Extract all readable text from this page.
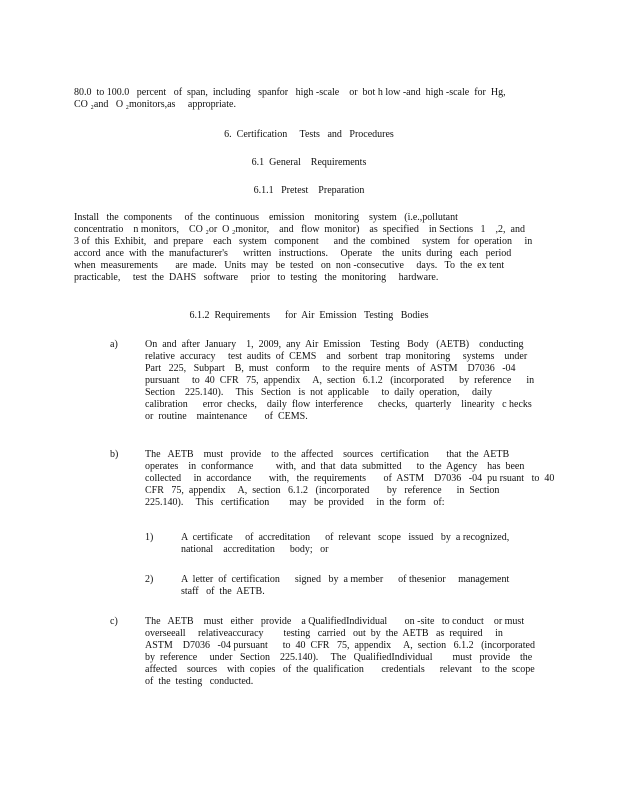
80.0  to 100.0   percent   of  span,  including   spanfor   high -scale    or  bot h low -and  high -scale  for  Hg,
CO ₂and   O ₂monitors,as     appropriate.
6.  Certification     Tests   and   Procedures
6.1  General    Requirements
6.1.1   Pretest    Preparation
Install   the  components     of  the  continuous    emission    monitoring    system   (i.e.,pollutant
concentratio    n monitors,    CO ₂or  O ₂monitor,    and   flow  monitor)    as  specified    in Sections   1    ,2,  and
3 of  this  Exhibit,   and  prepare    each   system   component      and  the  combined     system   for  operation     in
accord  ance  with  the  manufacturer's      written   instructions.     Operate    the   units  during   each   period
when  measurements       are  made.   Units  may   be  tested   on  non -consecutive     days.   To  the  ex tent
practicable,     test  the  DAHS   software     prior   to  testing   the  monitoring     hardware.
6.1.2  Requirements      for  Air  Emission   Testing   Bodies
a)	On  and  after  January    1,  2009,  any  Air  Emission    Testing   Body   (AETB)    conducting
relative  accuracy     test  audits  of  CEMS    and   sorbent   trap  monitoring     systems    under
Part   225,   Subpart    B,  must   conform     to  the  require  ments   of  ASTM    D7036   -04
pursuant     to  40  CFR   75,  appendix     A,  section   6.1.2   (incorporated      by  reference      in
Section    225.140).     This   Section   is  not  applicable     to  daily  operation,     daily
calibration      error  checks,    daily  flow  interference      checks,   quarterly    linearity   c hecks
or  routine    maintenance       of  CEMS.
b)	The   AETB    must   provide    to  the  affected    sources   certification       that  the  AETB
operates    in  conformance         with,  and  that  data  submitted      to  the  Agency    has  been
collected     in  accordance       with,   the  requirements       of  ASTM    D7036   -04  pu rsuant   to  40
CFR   75,  appendix     A,  section   6.1.2   (incorporated       by   reference      in  Section
225.140).     This   certification        may   be  provided     in  the  form   of:
1)	A  certificate     of  accreditation      of  relevant   scope   issued   by  a recognized,
national    accreditation      body;   or
2)	A  letter  of  certification      signed   by  a member      of thesenior     management
staff   of  the  AETB.
c)	The   AETB    must   either   provide    a QualifiedIndividual       on -site   to conduct    or must
overseeall     relativeaccuracy        testing   carried   out  by  the  AETB   as  required     in
ASTM    D7036   -04 pursuant      to  40  CFR   75,  appendix     A,  section   6.1.2   (incorporated
by  reference     under   Section    225.140).     The   QualifiedIndividual        must   provide    the
affected    sources    with  copies   of  the  qualification       credentials      relevant    to  the  scope
of  the  testing   conducted.
